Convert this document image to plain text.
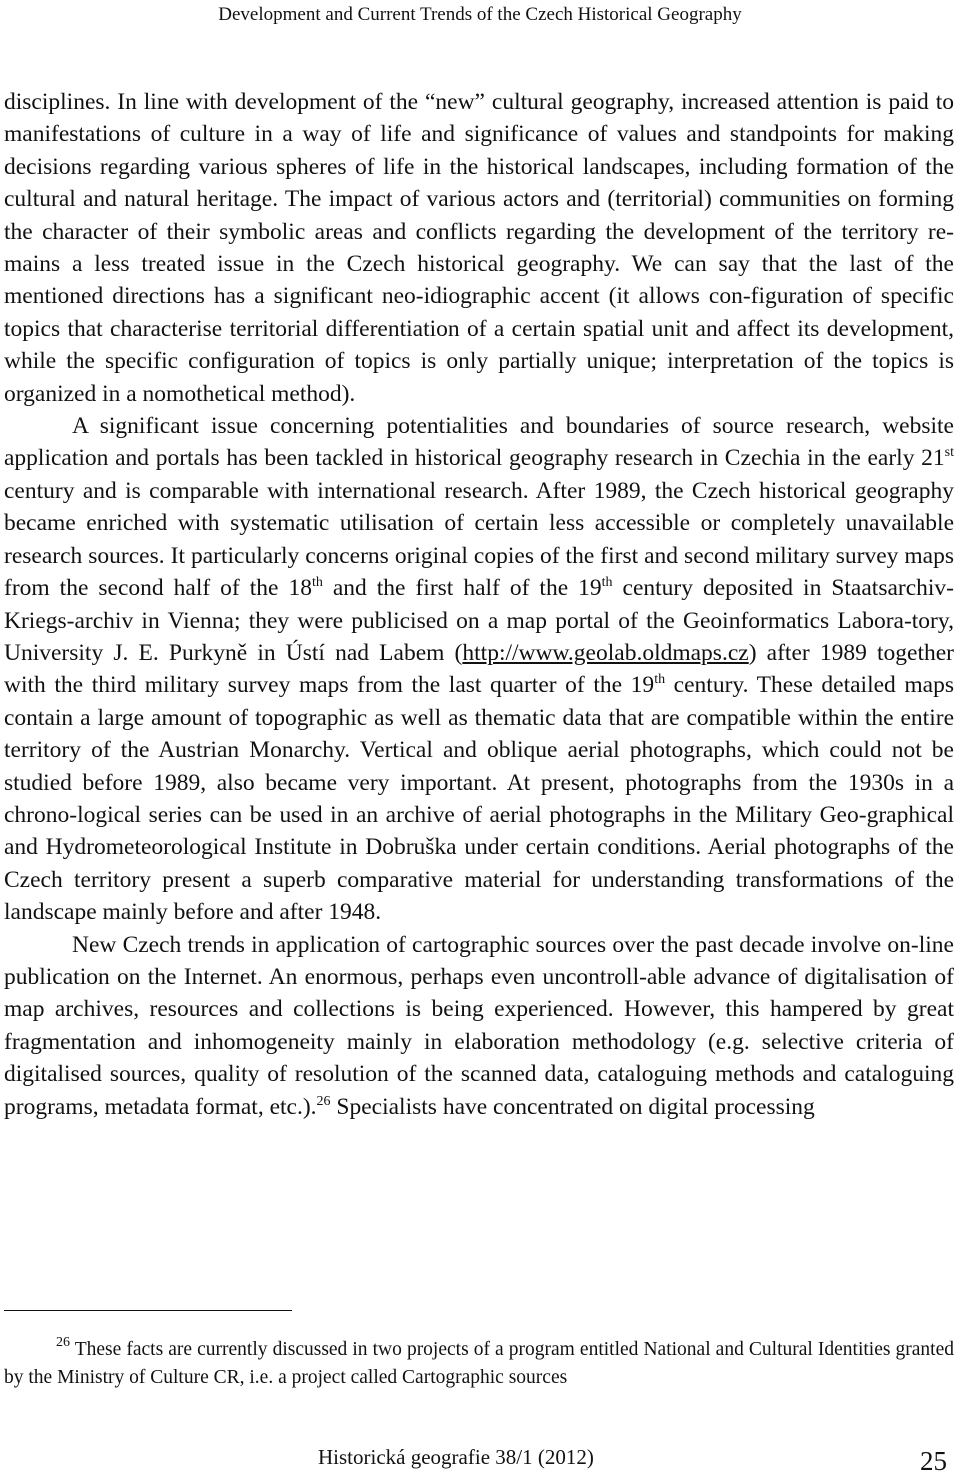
Development and Current Trends of the Czech Historical Geography

disciplines. In line with development of the “new” cultural geography, increased attention is paid to manifestations of culture in a way of life and significance of values and standpoints for making decisions regarding various spheres of life in the historical landscapes, including formation of the cultural and natural heritage. The impact of various actors and (territorial) communities on forming the character of their symbolic areas and conflicts regarding the development of the territory re-mains a less treated issue in the Czech historical geography. We can say that the last of the mentioned directions has a significant neo-idiographic accent (it allows con-figuration of specific topics that characterise territorial differentiation of a certain spatial unit and affect its development, while the specific configuration of topics is only partially unique; interpretation of the topics is organized in a nomothetical method).

A significant issue concerning potentialities and boundaries of source research, website application and portals has been tackled in historical geography research in Czechia in the early 21st century and is comparable with international research. After 1989, the Czech historical geography became enriched with systematic utilisation of certain less accessible or completely unavailable research sources. It particularly concerns original copies of the first and second military survey maps from the second half of the 18th and the first half of the 19th century deposited in Staatsarchiv-Kriegs-archiv in Vienna; they were publicised on a map portal of the Geoinformatics Labora-tory, University J. E. Purkyně in Ústí nad Labem (http://www.geolab.oldmaps.cz) after 1989 together with the third military survey maps from the last quarter of the 19th century. These detailed maps contain a large amount of topographic as well as thematic data that are compatible within the entire territory of the Austrian Monarchy. Vertical and oblique aerial photographs, which could not be studied before 1989, also became very important. At present, photographs from the 1930s in a chrono-logical series can be used in an archive of aerial photographs in the Military Geo-graphical and Hydrometeorological Institute in Dobruška under certain conditions. Aerial photographs of the Czech territory present a superb comparative material for understanding transformations of the landscape mainly before and after 1948.

New Czech trends in application of cartographic sources over the past decade involve on-line publication on the Internet. An enormous, perhaps even uncontroll-able advance of digitalisation of map archives, resources and collections is being experienced. However, this hampered by great fragmentation and inhomogeneity mainly in elaboration methodology (e.g. selective criteria of digitalised sources, quality of resolution of the scanned data, cataloguing methods and cataloguing programs, metadata format, etc.).$^{26}$ Specialists have concentrated on digital processing

$^{26}$ These facts are currently discussed in two projects of a program entitled National and Cultural Identities granted by the Ministry of Culture CR, i.e. a project called Cartographic sources
Historická geografie 38/1 (2012)	25
